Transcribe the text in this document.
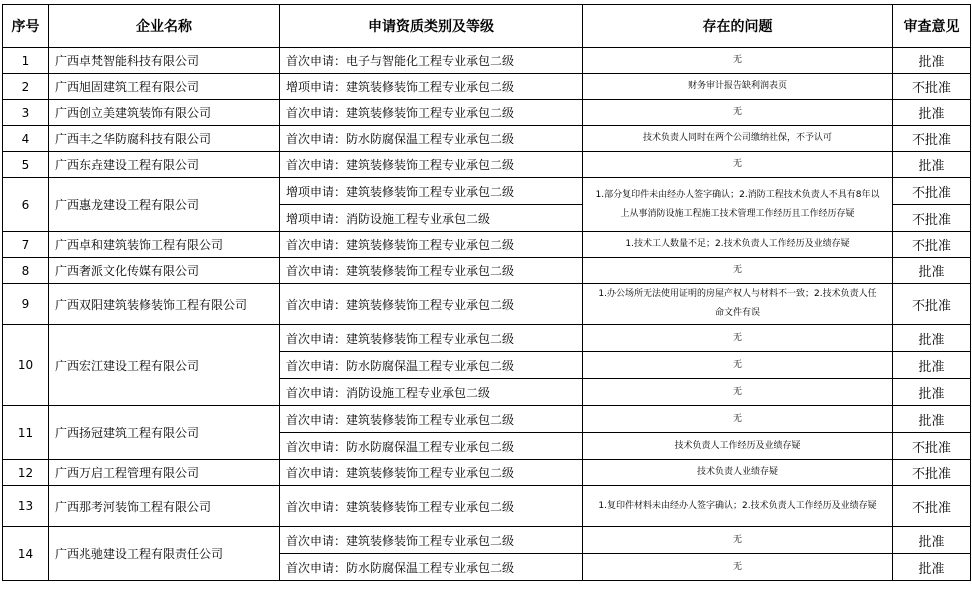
序号	企业名称	申请资质类别及等级	存在的问题	审查意见
1	广西卓梵智能科技有限公司	首次申请：电子与智能化工程专业承包二级	无	批准
2	广西旭固建筑工程有限公司	增项申请：建筑装修装饰工程专业承包二级	财务审计报告缺利润表页	不批准
3	广西创立美建筑装饰有限公司	首次申请：建筑装修装饰工程专业承包二级	无	批准
4	广西丰之华防腐科技有限公司	首次申请：防水防腐保温工程专业承包二级	技术负责人同时在两个公司缴纳社保，不予认可	不批准
5	广西东垚建设工程有限公司	首次申请：建筑装修装饰工程专业承包二级	无	批准
6	广西惠龙建设工程有限公司	增项申请：建筑装修装饰工程专业承包二级	1.部分复印件未由经办人签字确认；2.消防工程技术负责人不具有8年以上从事消防设施工程施工技术管理工作经历且工作经历存疑	不批准
		增项申请：消防设施工程专业承包二级		不批准
7	广西卓和建筑装饰工程有限公司	首次申请：建筑装修装饰工程专业承包二级	1.技术工人数量不足；2.技术负责人工作经历及业绩存疑	不批准
8	广西奢派文化传媒有限公司	首次申请：建筑装修装饰工程专业承包二级	无	批准
9	广西双阳建筑装修装饰工程有限公司	首次申请：建筑装修装饰工程专业承包二级	1.办公场所无法使用证明的房屋产权人与材料不一致；2.技术负责人任命文件有误	不批准
10	广西宏江建设工程有限公司	首次申请：建筑装修装饰工程专业承包二级	无	批准
		首次申请：防水防腐保温工程专业承包二级	无	批准
		首次申请：消防设施工程专业承包二级	无	批准
11	广西扬冠建筑工程有限公司	首次申请：建筑装修装饰工程专业承包二级	无	批准
		首次申请：防水防腐保温工程专业承包二级	技术负责人工作经历及业绩存疑	不批准
12	广西万启工程管理有限公司	首次申请：建筑装修装饰工程专业承包二级	技术负责人业绩存疑	不批准
13	广西那考河装饰工程有限公司	首次申请：建筑装修装饰工程专业承包二级	1.复印件材料未由经办人签字确认；2.技术负责人工作经历及业绩存疑	不批准
14	广西兆驰建设工程有限责任公司	首次申请：建筑装修装饰工程专业承包二级	无	批准
		首次申请：防水防腐保温工程专业承包二级	无	批准
